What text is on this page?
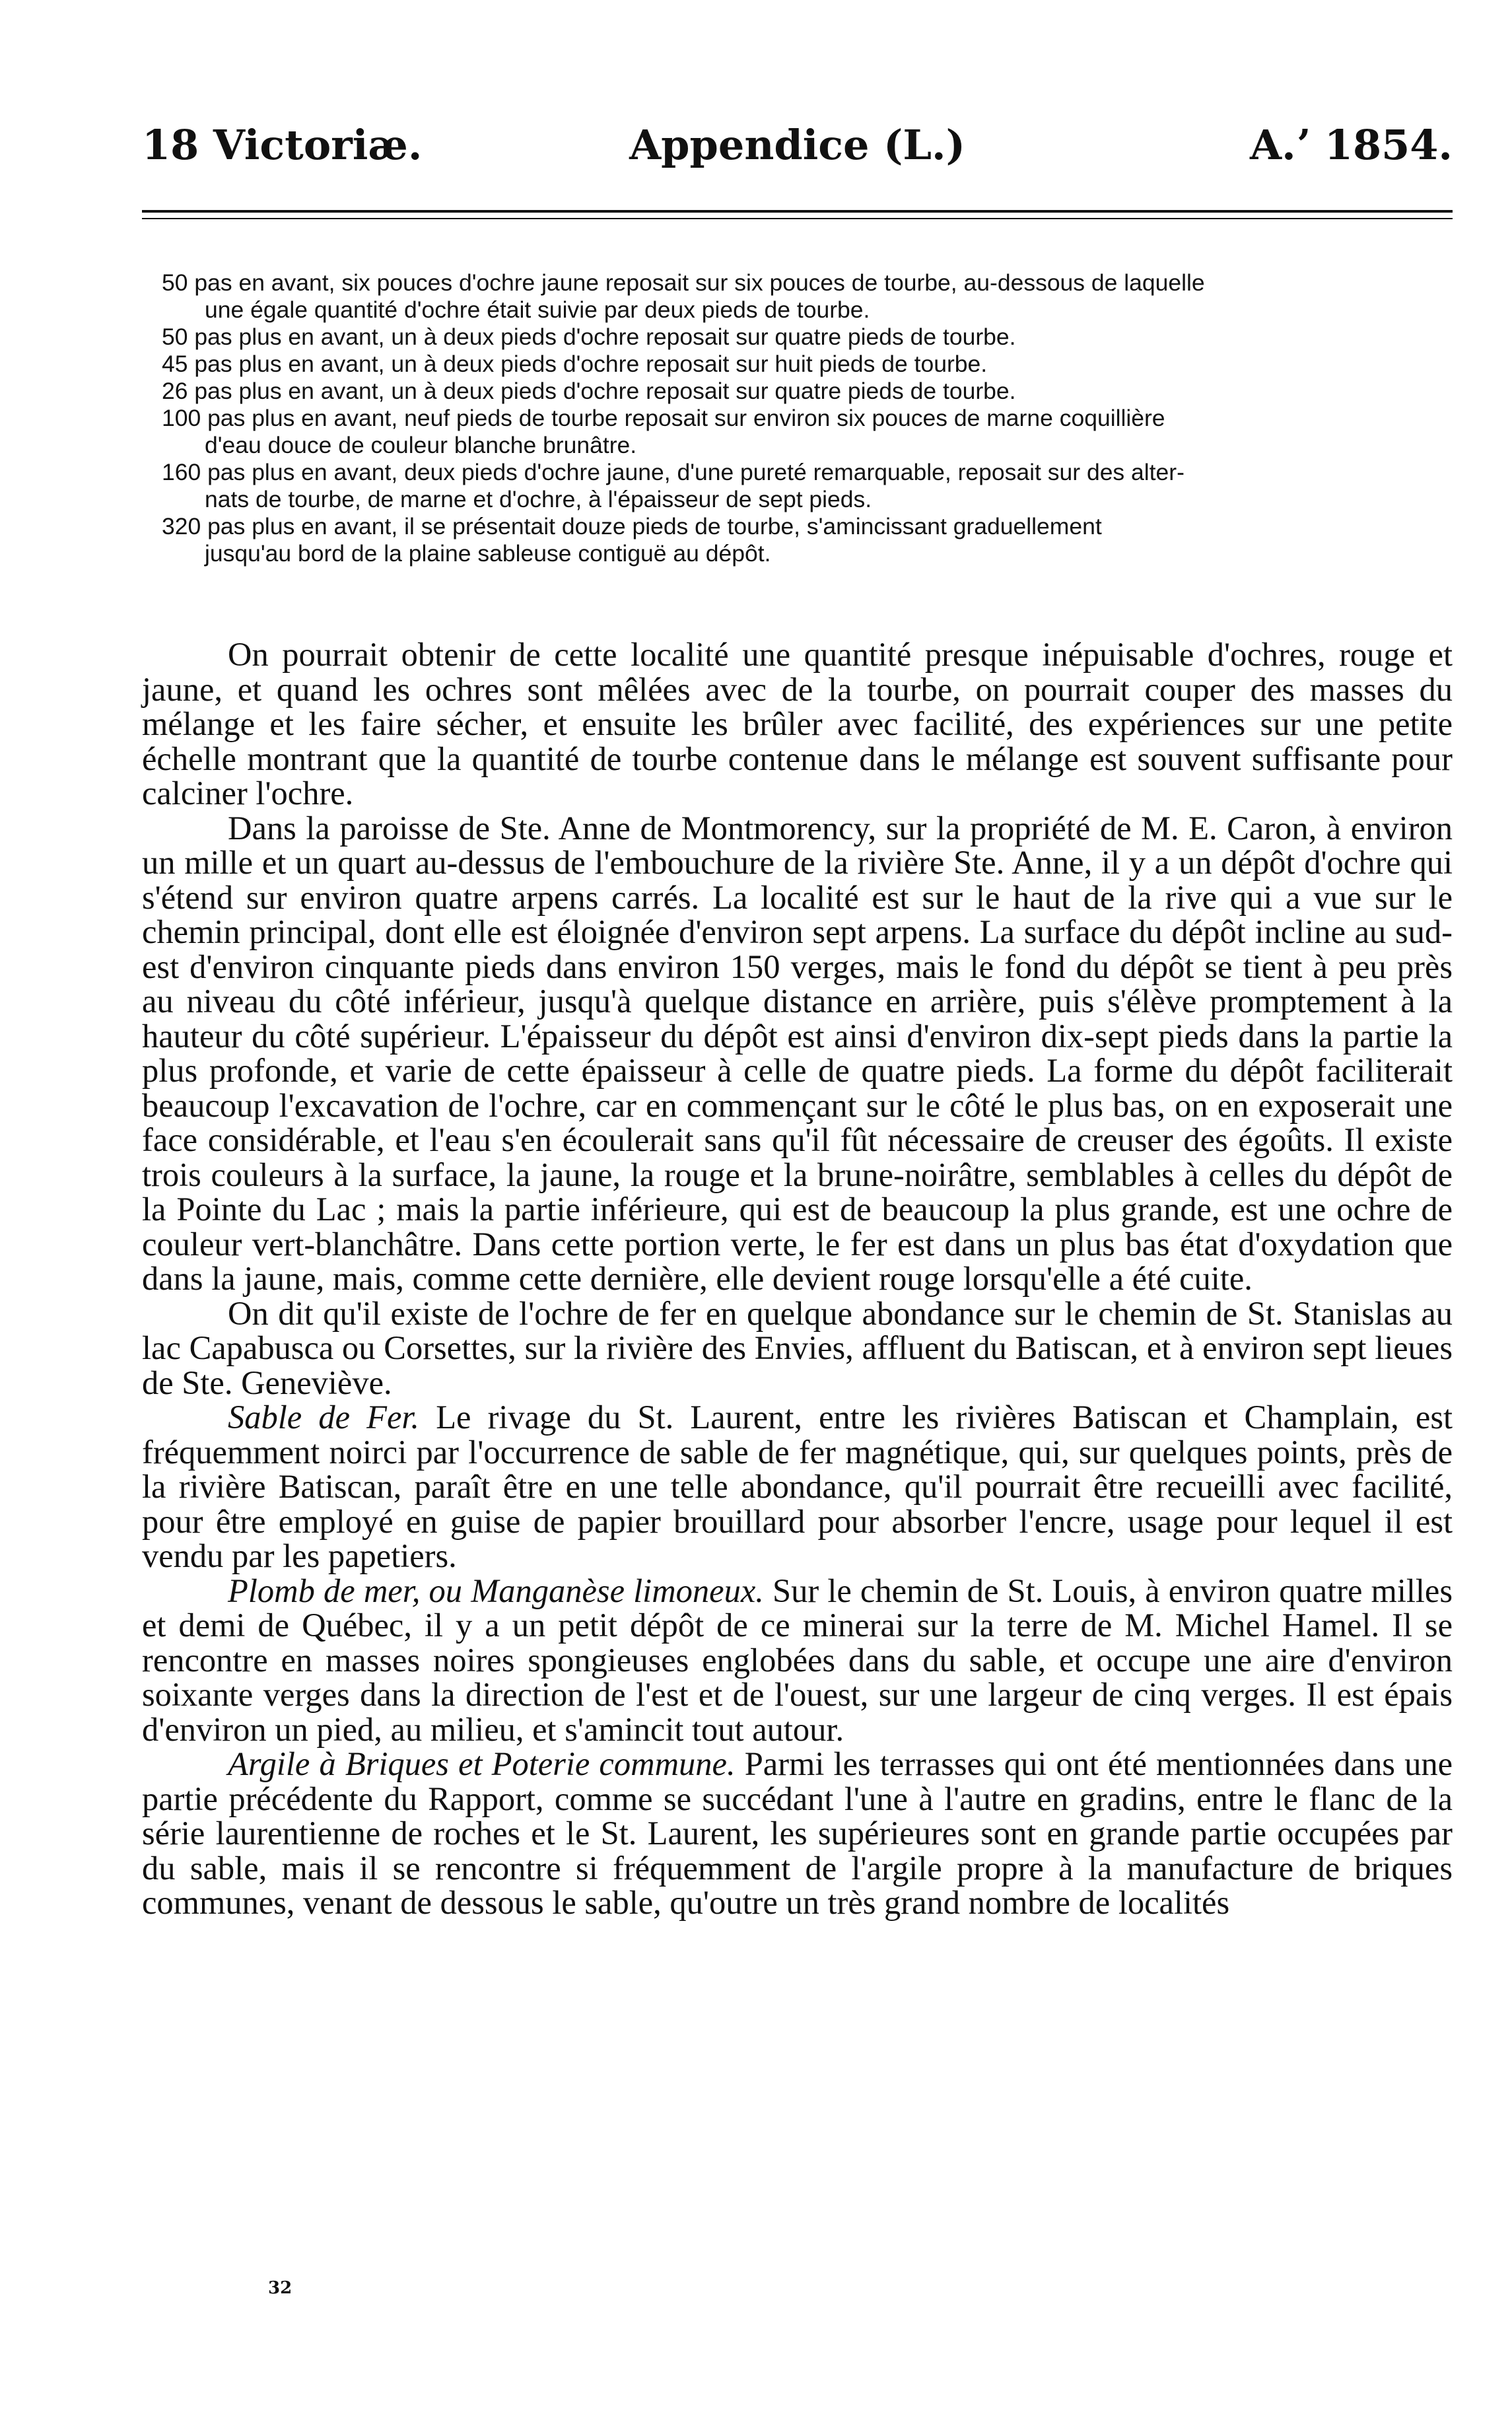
18 Victoriæ.	Appendice (L.)	A.ʼ 1854.

50 pas en avant, six pouces d'ochre jaune reposait sur six pouces de tourbe, au-dessous de laquelle

une égale quantité d'ochre était suivie par deux pieds de tourbe.

50 pas plus en avant, un à deux pieds d'ochre reposait sur quatre pieds de tourbe.

45 pas plus en avant, un à deux pieds d'ochre reposait sur huit pieds de tourbe.

26 pas plus en avant, un à deux pieds d'ochre reposait sur quatre pieds de tourbe.

100 pas plus en avant, neuf pieds de tourbe reposait sur environ six pouces de marne coquillière

d'eau douce de couleur blanche brunâtre.

160 pas plus en avant, deux pieds d'ochre jaune, d'une pureté remarquable, reposait sur des alter-

nats de tourbe, de marne et d'ochre, à l'épaisseur de sept pieds.

320 pas plus en avant, il se présentait douze pieds de tourbe, s'amincissant graduellement

jusqu'au bord de la plaine sableuse contiguë au dépôt.

On pourrait obtenir de cette localité une quantité presque inépuisable d'ochres, rouge et jaune, et quand les ochres sont mêlées avec de la tourbe, on pourrait couper des masses du mélange et les faire sécher, et ensuite les brûler avec facilité, des expériences sur une petite échelle montrant que la quantité de tourbe contenue dans le mélange est souvent suffisante pour calciner l'ochre.

Dans la paroisse de Ste. Anne de Montmorency, sur la propriété de M. E. Caron, à environ un mille et un quart au-dessus de l'embouchure de la rivière Ste. Anne, il y a un dépôt d'ochre qui s'étend sur environ quatre arpens carrés. La localité est sur le haut de la rive qui a vue sur le chemin principal, dont elle est éloignée d'environ sept arpens. La surface du dépôt incline au sud-est d'environ cinquante pieds dans environ 150 verges, mais le fond du dépôt se tient à peu près au niveau du côté inférieur, jusqu'à quelque distance en arrière, puis s'élève promptement à la hauteur du côté supérieur. L'épaisseur du dépôt est ainsi d'environ dix-sept pieds dans la partie la plus profonde, et varie de cette épaisseur à celle de quatre pieds. La forme du dépôt faciliterait beaucoup l'excavation de l'ochre, car en commençant sur le côté le plus bas, on en exposerait une face considérable, et l'eau s'en écoulerait sans qu'il fût nécessaire de creuser des égoûts. Il existe trois couleurs à la surface, la jaune, la rouge et la brune-noirâtre, semblables à celles du dépôt de la Pointe du Lac ; mais la partie inférieure, qui est de beaucoup la plus grande, est une ochre de couleur vert-blanchâtre. Dans cette portion verte, le fer est dans un plus bas état d'oxydation que dans la jaune, mais, comme cette dernière, elle devient rouge lorsqu'elle a été cuite.

On dit qu'il existe de l'ochre de fer en quelque abondance sur le chemin de St. Stanislas au lac Capabusca ou Corsettes, sur la rivière des Envies, affluent du Batiscan, et à environ sept lieues de Ste. Geneviève.

Sable de Fer. Le rivage du St. Laurent, entre les rivières Batiscan et Champlain, est fréquemment noirci par l'occurrence de sable de fer magnétique, qui, sur quelques points, près de la rivière Batiscan, paraît être en une telle abondance, qu'il pourrait être recueilli avec facilité, pour être employé en guise de papier brouillard pour absorber l'encre, usage pour lequel il est vendu par les papetiers.

Plomb de mer, ou Manganèse limoneux. Sur le chemin de St. Louis, à environ quatre milles et demi de Québec, il y a un petit dépôt de ce minerai sur la terre de M. Michel Hamel. Il se rencontre en masses noires spongieuses englobées dans du sable, et occupe une aire d'environ soixante verges dans la direction de l'est et de l'ouest, sur une largeur de cinq verges. Il est épais d'environ un pied, au milieu, et s'amincit tout autour.

Argile à Briques et Poterie commune. Parmi les terrasses qui ont été mentionnées dans une partie précédente du Rapport, comme se succédant l'une à l'autre en gradins, entre le flanc de la série laurentienne de roches et le St. Laurent, les supérieures sont en grande partie occupées par du sable, mais il se rencontre si fréquemment de l'argile propre à la manufacture de briques communes, venant de dessous le sable, qu'outre un très grand nombre de localités

32
